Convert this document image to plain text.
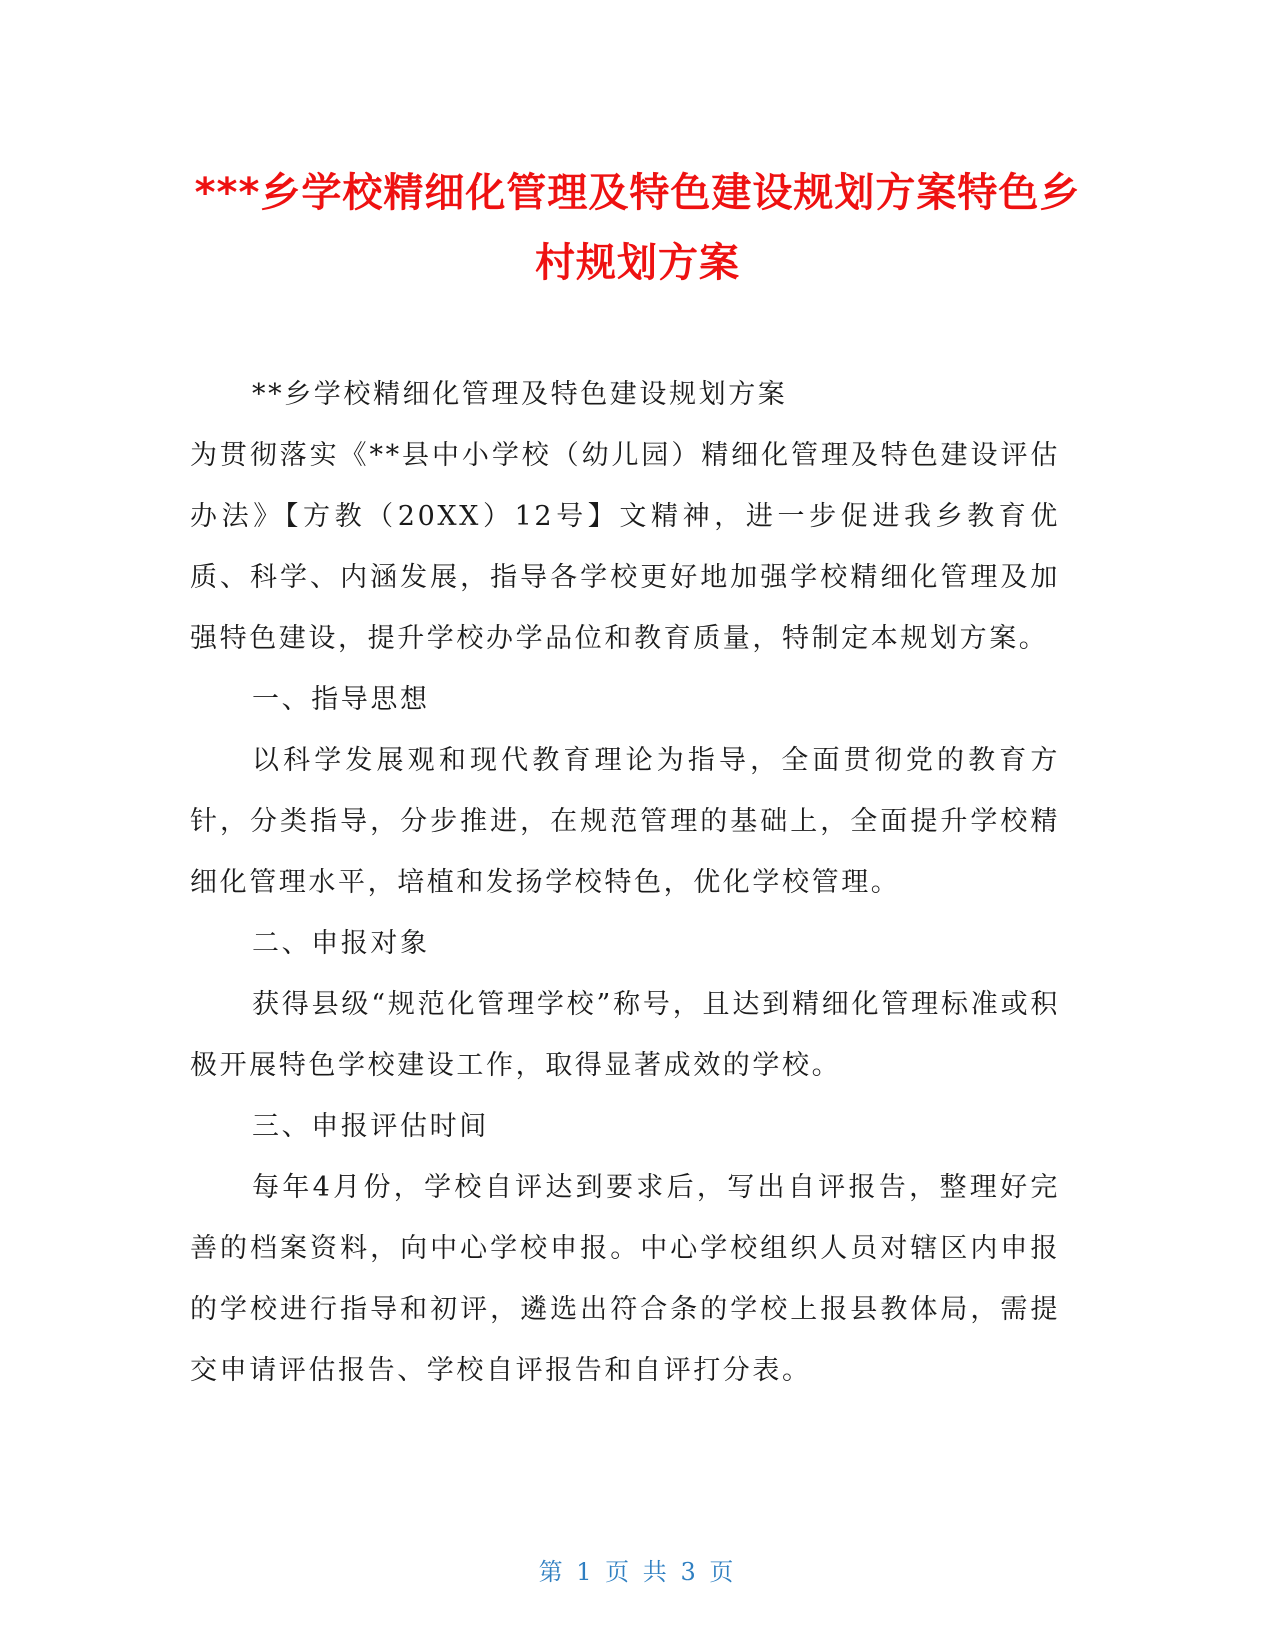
***乡学校精细化管理及特色建设规划方案特色乡村规划方案

**乡学校精细化管理及特色建设规划方案

为贯彻落实《**县中小学校（幼儿园）精细化管理及特色建设评估办法》【方教（20XX）12号】文精神，进一步促进我乡教育优质、科学、内涵发展，指导各学校更好地加强学校精细化管理及加强特色建设，提升学校办学品位和教育质量，特制定本规划方案。

一、指导思想

以科学发展观和现代教育理论为指导，全面贯彻党的教育方针，分类指导，分步推进，在规范管理的基础上，全面提升学校精细化管理水平，培植和发扬学校特色，优化学校管理。

二、申报对象

获得县级“规范化管理学校”称号，且达到精细化管理标准或积极开展特色学校建设工作，取得显著成效的学校。

三、申报评估时间

每年4月份，学校自评达到要求后，写出自评报告，整理好完善的档案资料，向中心学校申报。中心学校组织人员对辖区内申报的学校进行指导和初评，遴选出符合条的学校上报县教体局，需提交申请评估报告、学校自评报告和自评打分表。

第 1 页 共 3 页
